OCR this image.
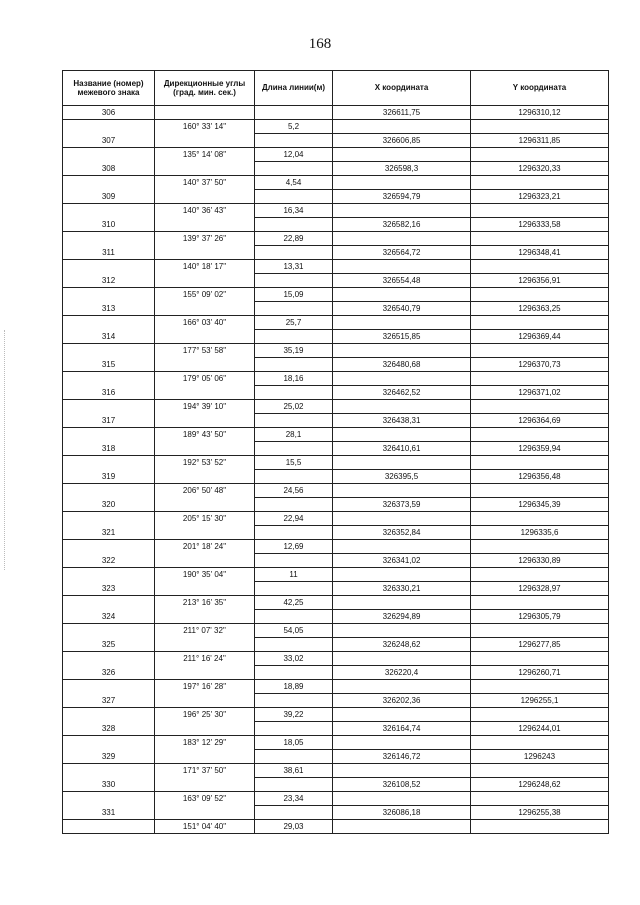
168
Название (номер) межевого знака	Дирекционные углы (град. мин. сек.)	Длина линии(м)	X координата	Y координата
306			326611,75	1296310,12
	160° 33' 14"	5,2		
307			326606,85	1296311,85
	135° 14' 08"	12,04		
308			326598,3	1296320,33
	140° 37' 50"	4,54		
309			326594,79	1296323,21
	140° 36' 43"	16,34		
310			326582,16	1296333,58
	139° 37' 26"	22,89		
311			326564,72	1296348,41
	140° 18' 17"	13,31		
312			326554,48	1296356,91
	155° 09' 02"	15,09		
313			326540,79	1296363,25
	166° 03' 40"	25,7		
314			326515,85	1296369,44
	177° 53' 58"	35,19		
315			326480,68	1296370,73
	179° 05' 06"	18,16		
316			326462,52	1296371,02
	194° 39' 10"	25,02		
317			326438,31	1296364,69
	189° 43' 50"	28,1		
318			326410,61	1296359,94
	192° 53' 52"	15,5		
319			326395,5	1296356,48
	206° 50' 48"	24,56		
320			326373,59	1296345,39
	205° 15' 30"	22,94		
321			326352,84	1296335,6
	201° 18' 24"	12,69		
322			326341,02	1296330,89
	190° 35' 04"	11		
323			326330,21	1296328,97
	213° 16' 35"	42,25		
324			326294,89	1296305,79
	211° 07' 32"	54,05		
325			326248,62	1296277,85
	211° 16' 24"	33,02		
326			326220,4	1296260,71
	197° 16' 28"	18,89		
327			326202,36	1296255,1
	196° 25' 30"	39,22		
328			326164,74	1296244,01
	183° 12' 29"	18,05		
329			326146,72	1296243
	171° 37' 50"	38,61		
330			326108,52	1296248,62
	163° 09' 52"	23,34		
331			326086,18	1296255,38
	151° 04' 40"	29,03		
